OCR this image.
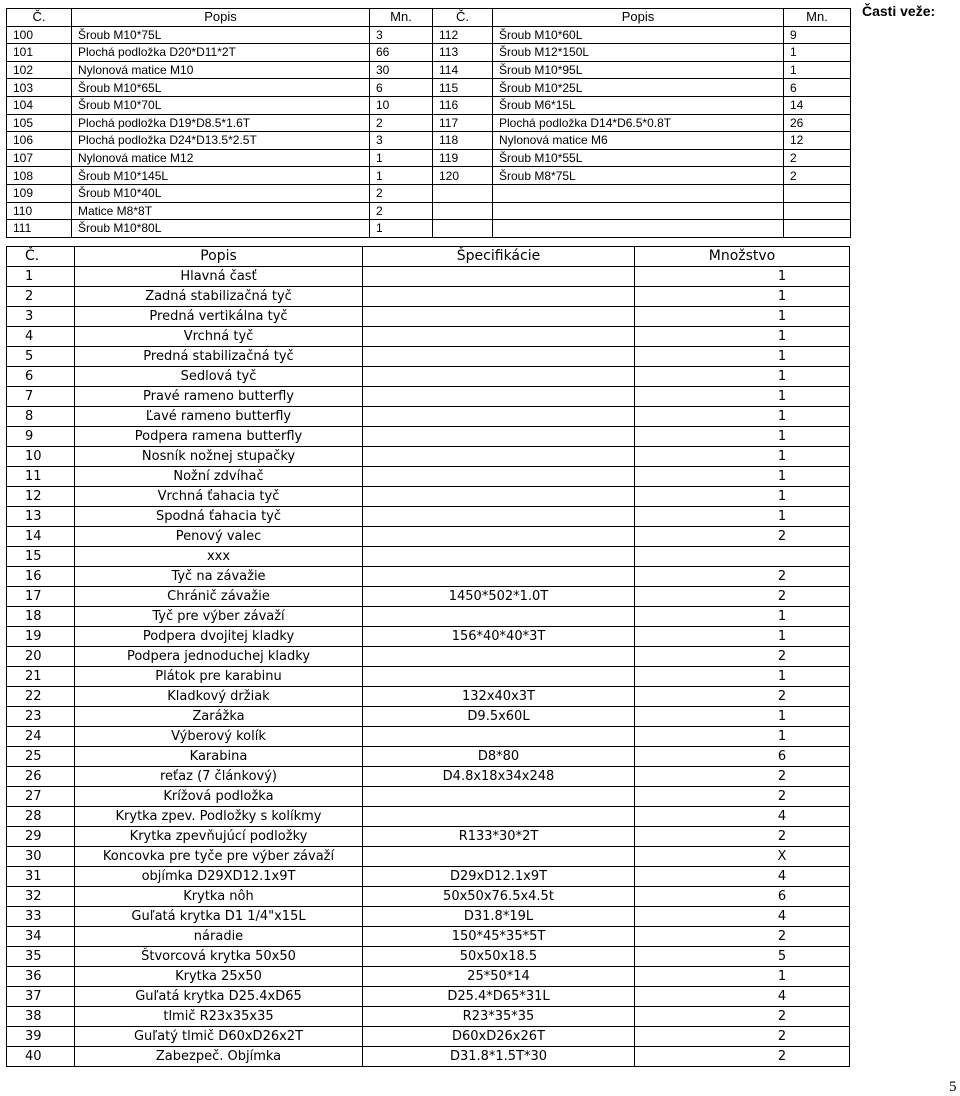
Časti veže:
Č.	Popis	Mn.	Č.	Popis	Mn.
100	Šroub M10*75L	3	112	Šroub M10*60L	9
101	Plochá podložka D20*D11*2T	66	113	Šroub M12*150L	1
102	Nylonová matice M10	30	114	Šroub M10*95L	1
103	Šroub M10*65L	6	115	Šroub M10*25L	6
104	Šroub M10*70L	10	116	Šroub M6*15L	14
105	Plochá podložka D19*D8.5*1.6T	2	117	Plochá podložka D14*D6.5*0.8T	26
106	Plochá podložka D24*D13.5*2.5T	3	118	Nylonová matice M6	12
107	Nylonová matice M12	1	119	Šroub M10*55L	2
108	Šroub M10*145L	1	120	Šroub M8*75L	2
109	Šroub M10*40L	2			
110	Matice M8*8T	2			
111	Šroub M10*80L	1			
Č.	Popis	Špecifikácie	Množstvo
1	Hlavná časť		1
2	Zadná stabilizačná tyč		1
3	Predná vertikálna tyč		1
4	Vrchná tyč		1
5	Predná stabilizačná tyč		1
6	Sedlová tyč		1
7	Pravé rameno butterfly		1
8	Ľavé rameno butterfly		1
9	Podpera ramena butterfly		1
10	Nosník nožnej stupačky		1
11	Nožní zdvíhač		1
12	Vrchná ťahacia tyč		1
13	Spodná ťahacia tyč		1
14	Penový valec		2
15	xxx		
16	Tyč na závažie		2
17	Chránič závažie	1450*502*1.0T	2
18	Tyč pre výber závaží		1
19	Podpera dvojitej kladky	156*40*40*3T	1
20	Podpera jednoduchej kladky		2
21	Plátok pre karabinu		1
22	Kladkový držiak	132x40x3T	2
23	Zarážka	D9.5x60L	1
24	Výberový kolík		1
25	Karabina	D8*80	6
26	reťaz (7 článkový)	D4.8x18x34x248	2
27	Krížová podložka		2
28	Krytka zpev. Podložky s kolíkmy		4
29	Krytka zpevňujúcí podložky	R133*30*2T	2
30	Koncovka pre tyče pre výber závaží		X
31	objímka D29XD12.1x9T	D29xD12.1x9T	4
32	Krytka nôh	50x50x76.5x4.5t	6
33	Guľatá krytka D1 1/4"x15L	D31.8*19L	4
34	náradie	150*45*35*5T	2
35	Štvorcová krytka 50x50	50x50x18.5	5
36	Krytka 25x50	25*50*14	1
37	Guľatá krytka D25.4xD65	D25.4*D65*31L	4
38	tlmič R23x35x35	R23*35*35	2
39	Guľatý tlmič D60xD26x2T	D60xD26x26T	2
40	Zabezpeč. Objímka	D31.8*1.5T*30	2
5
